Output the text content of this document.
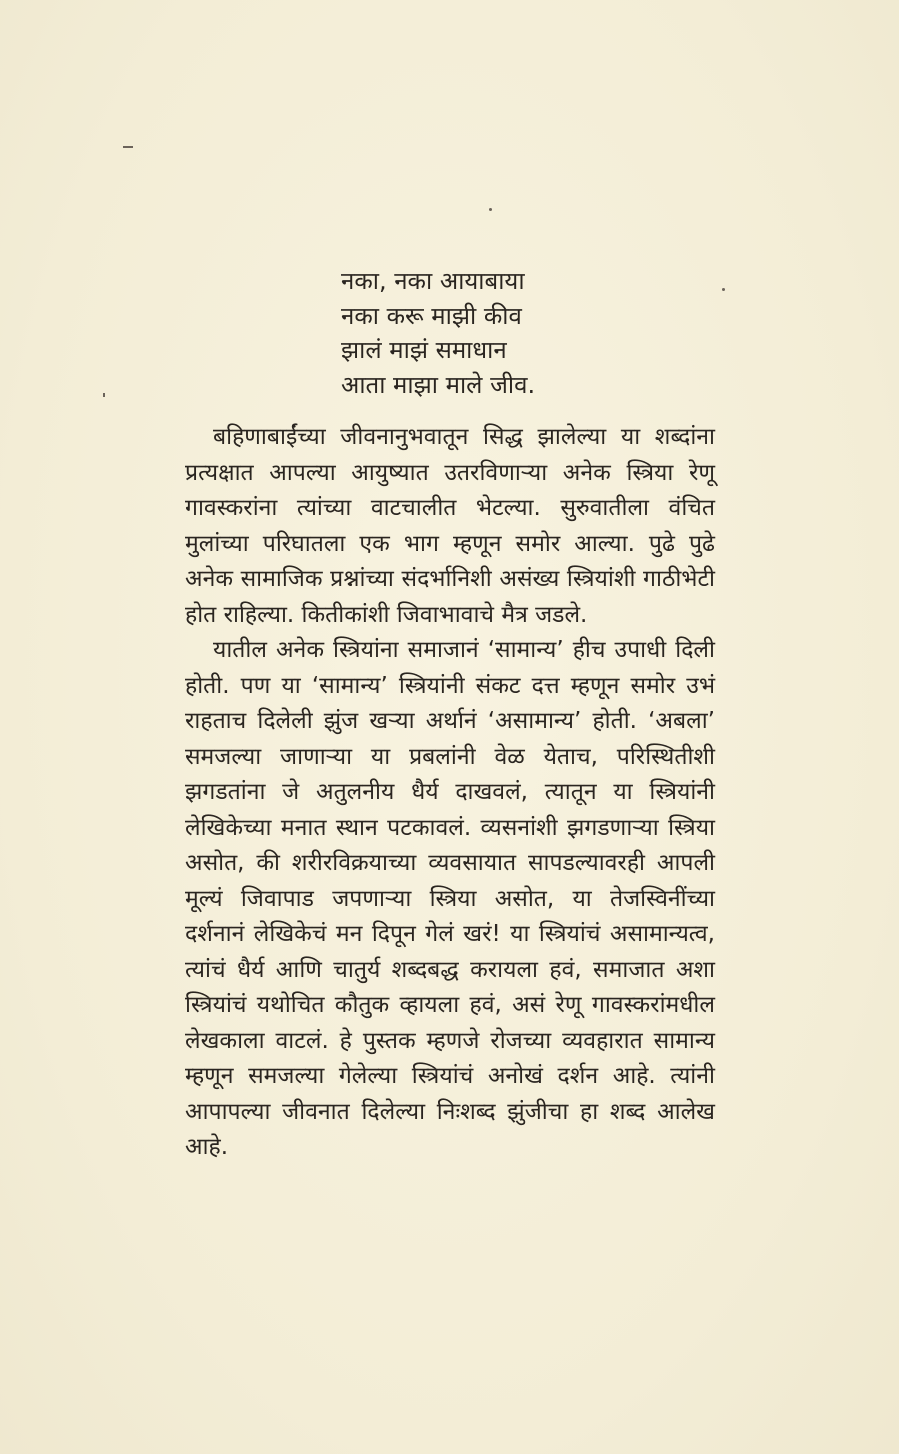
नका, नका आयाबाया
नका करू माझी कीव
झालं माझं समाधान
आता माझा माले जीव.

बहिणाबाईंच्या जीवनानुभवातून सिद्ध झालेल्या या शब्दांना प्रत्यक्षात आपल्या आयुष्यात उतरविणाऱ्या अनेक स्त्रिया रेणू गावस्करांना त्यांच्या वाटचालीत भेटल्या. सुरुवातीला वंचित मुलांच्या परिघातला एक भाग म्हणून समोर आल्या. पुढे पुढे अनेक सामाजिक प्रश्नांच्या संदर्भानिशी असंख्य स्त्रियांशी गाठीभेटी होत राहिल्या. कितीकांशी जिवाभावाचे मैत्र जडले.

यातील अनेक स्त्रियांना समाजानं ‘सामान्य’ हीच उपाधी दिली होती. पण या ‘सामान्य’ स्त्रियांनी संकट दत्त म्हणून समोर उभं राहताच दिलेली झुंज खऱ्या अर्थानं ‘असामान्य’ होती. ‘अबला’ समजल्या जाणाऱ्या या प्रबलांनी वेळ येताच, परिस्थितीशी झगडतांना जे अतुलनीय धैर्य दाखवलं, त्यातून या स्त्रियांनी लेखिकेच्या मनात स्थान पटकावलं. व्यसनांशी झगडणाऱ्या स्त्रिया असोत, की शरीरविक्रयाच्या व्यवसायात सापडल्यावरही आपली मूल्यं जिवापाड जपणाऱ्या स्त्रिया असोत, या तेजस्विनींच्या दर्शनानं लेखिकेचं मन दिपून गेलं खरं! या स्त्रियांचं असामान्यत्व, त्यांचं धैर्य आणि चातुर्य शब्दबद्ध करायला हवं, समाजात अशा स्त्रियांचं यथोचित कौतुक व्हायला हवं, असं रेणू गावस्करांमधील लेखकाला वाटलं. हे पुस्तक म्हणजे रोजच्या व्यवहारात सामान्य म्हणून समजल्या गेलेल्या स्त्रियांचं अनोखं दर्शन आहे. त्यांनी आपापल्या जीवनात दिलेल्या निःशब्द झुंजीचा हा शब्द आलेख आहे.
